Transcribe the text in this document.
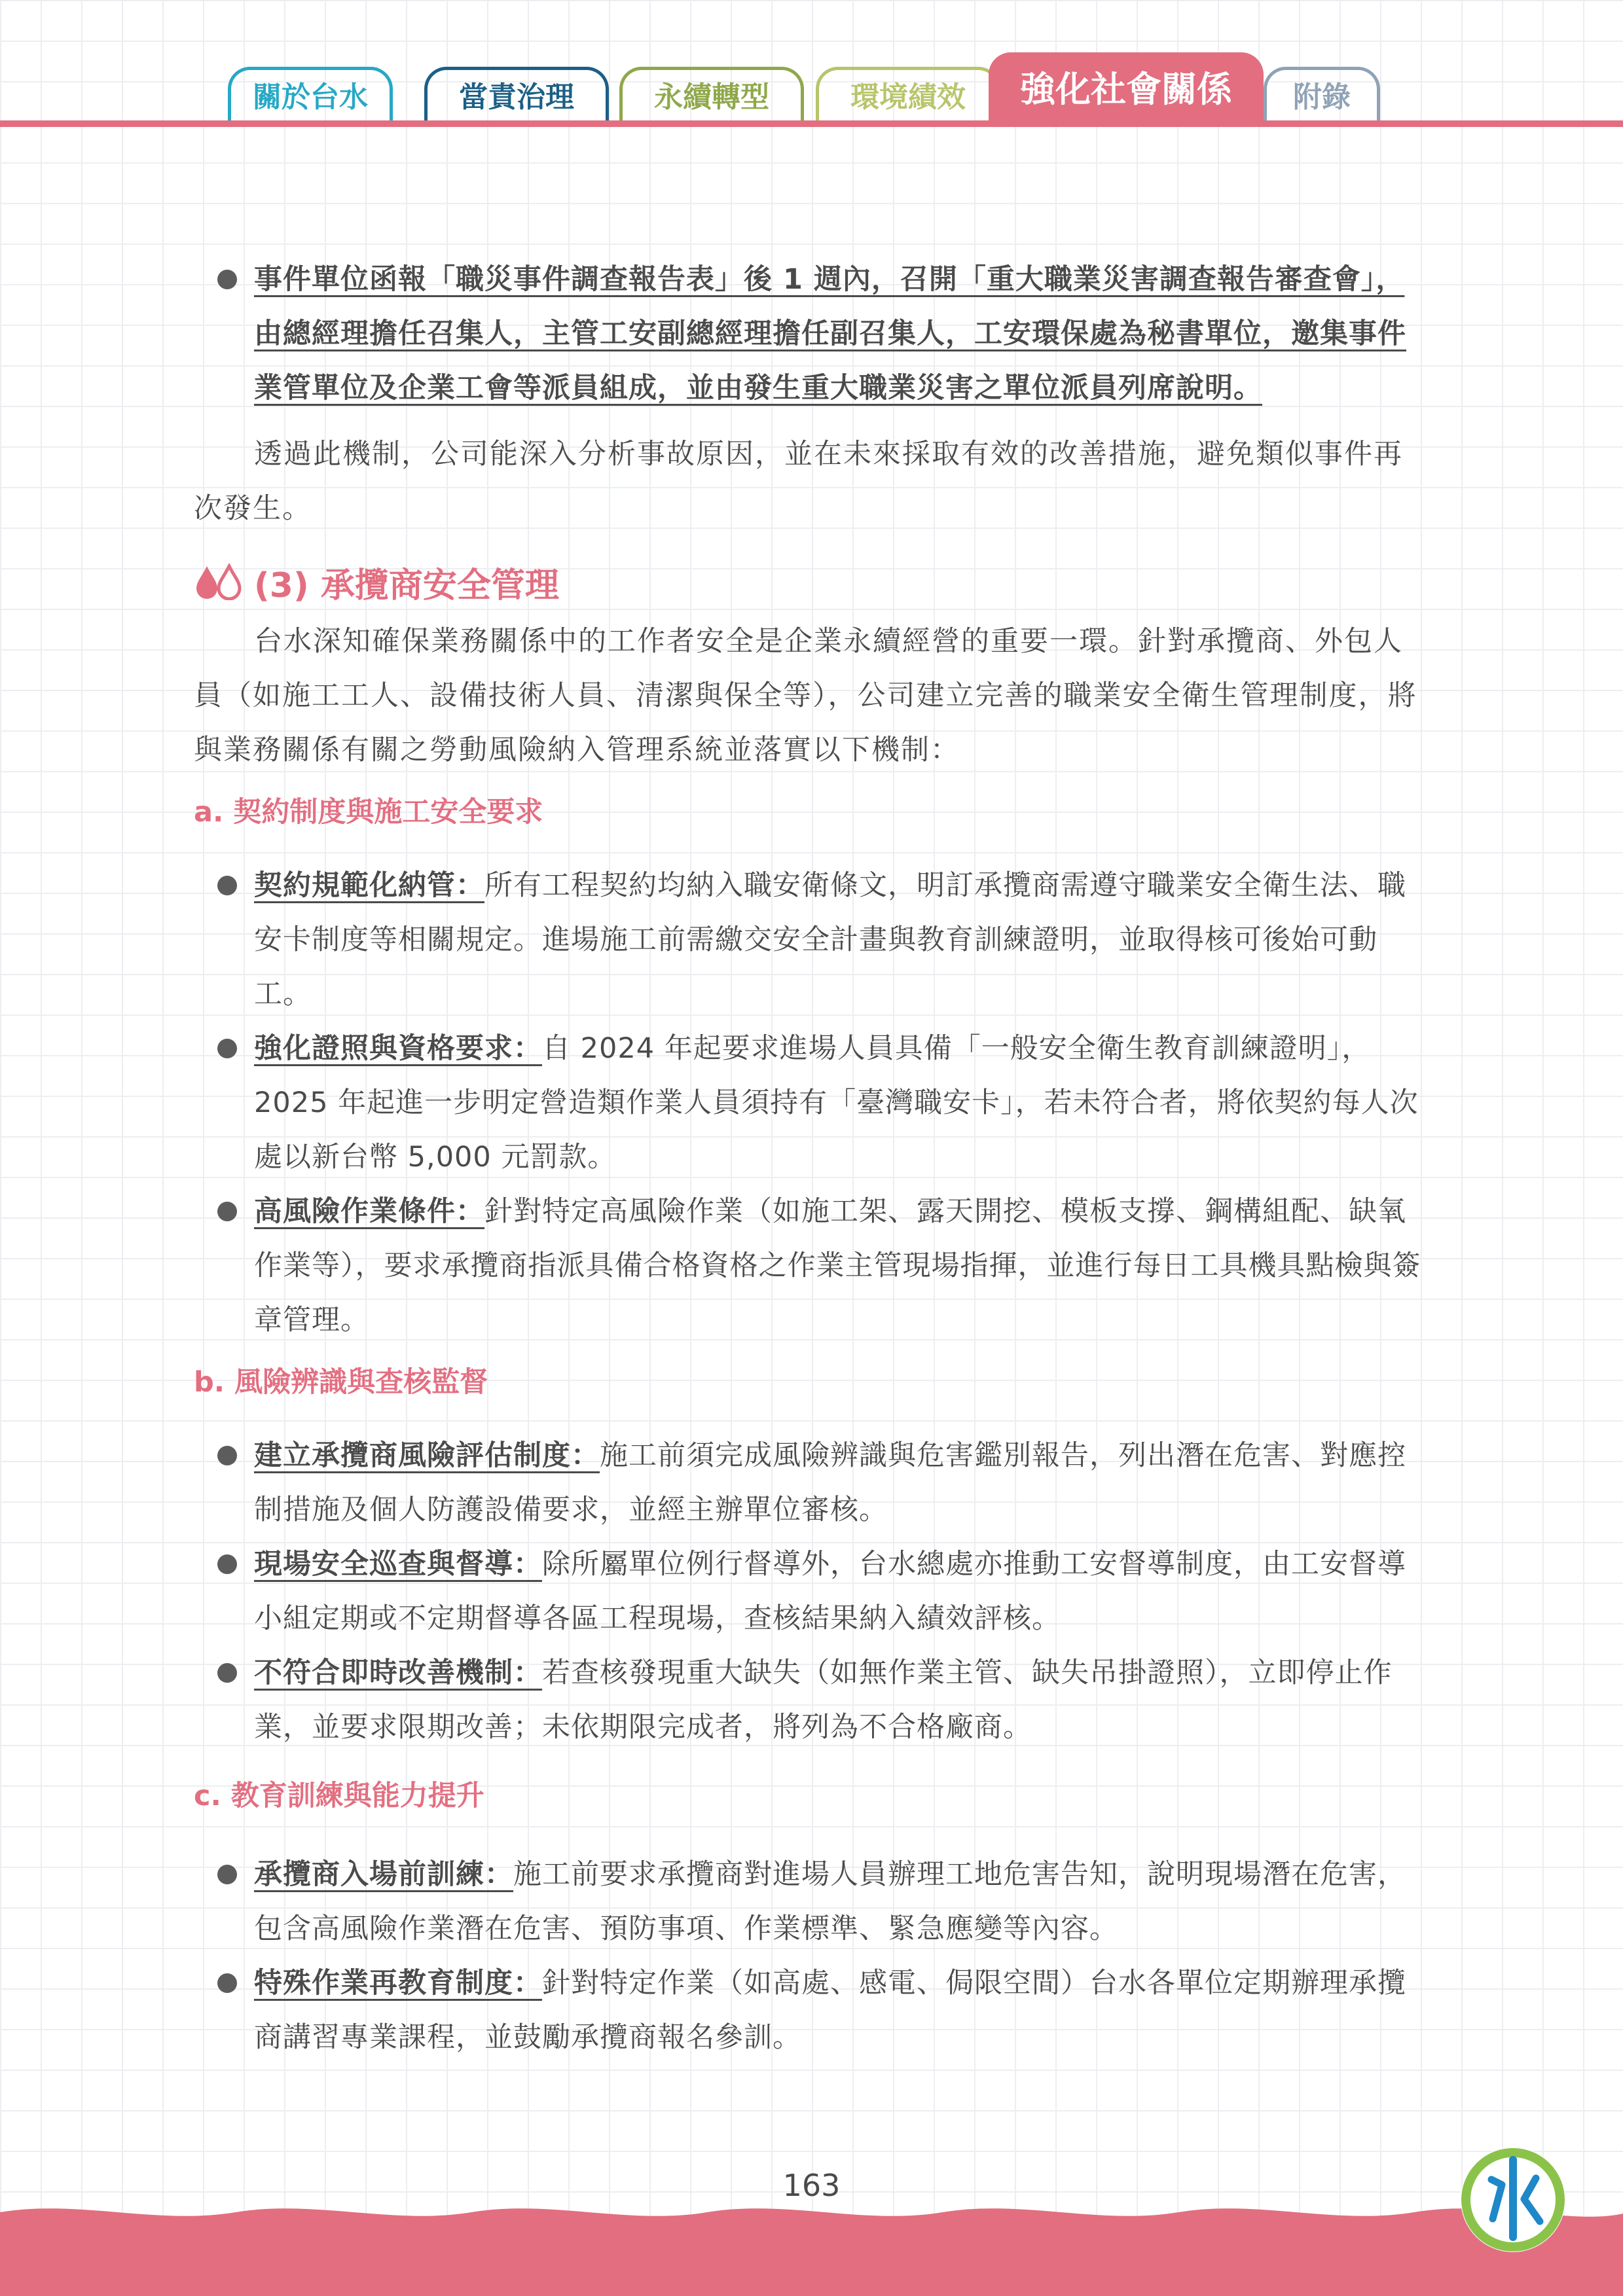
關於台水	當責治理	永續轉型	環境績效	強化社會關係	附錄
事件單位函報「職災事件調查報告表」後 1 週內，召開「重大職業災害調查報告審查會」，由總經理擔任召集人，主管工安副總經理擔任副召集人，工安環保處為秘書單位，邀集事件業管單位及企業工會等派員組成，並由發生重大職業災害之單位派員列席說明。

透過此機制，公司能深入分析事故原因，並在未來採取有效的改善措施，避免類似事件再次發生。

(3) 承攬商安全管理

台水深知確保業務關係中的工作者安全是企業永續經營的重要一環。針對承攬商、外包人員（如施工工人、設備技術人員、清潔與保全等），公司建立完善的職業安全衛生管理制度，將與業務關係有關之勞動風險納入管理系統並落實以下機制：

a. 契約制度與施工安全要求
契約規範化納管：所有工程契約均納入職安衛條文，明訂承攬商需遵守職業安全衛生法、職安卡制度等相關規定。進場施工前需繳交安全計畫與教育訓練證明，並取得核可後始可動工。
強化證照與資格要求：自 2024 年起要求進場人員具備「一般安全衛生教育訓練證明」，2025 年起進一步明定營造類作業人員須持有「臺灣職安卡」，若未符合者，將依契約每人次處以新台幣 5,000 元罰款。
高風險作業條件：針對特定高風險作業（如施工架、露天開挖、模板支撐、鋼構組配、缺氧作業等），要求承攬商指派具備合格資格之作業主管現場指揮，並進行每日工具機具點檢與簽章管理。
b. 風險辨識與查核監督
建立承攬商風險評估制度：施工前須完成風險辨識與危害鑑別報告，列出潛在危害、對應控制措施及個人防護設備要求，並經主辦單位審核。
現場安全巡查與督導：除所屬單位例行督導外，台水總處亦推動工安督導制度，由工安督導小組定期或不定期督導各區工程現場，查核結果納入績效評核。
不符合即時改善機制：若查核發現重大缺失（如無作業主管、缺失吊掛證照），立即停止作業，並要求限期改善；未依期限完成者，將列為不合格廠商。
c. 教育訓練與能力提升
承攬商入場前訓練：施工前要求承攬商對進場人員辦理工地危害告知，說明現場潛在危害，包含高風險作業潛在危害、預防事項、作業標準、緊急應變等內容。
特殊作業再教育制度：針對特定作業（如高處、感電、侷限空間）台水各單位定期辦理承攬商講習專業課程，並鼓勵承攬商報名參訓。
163
